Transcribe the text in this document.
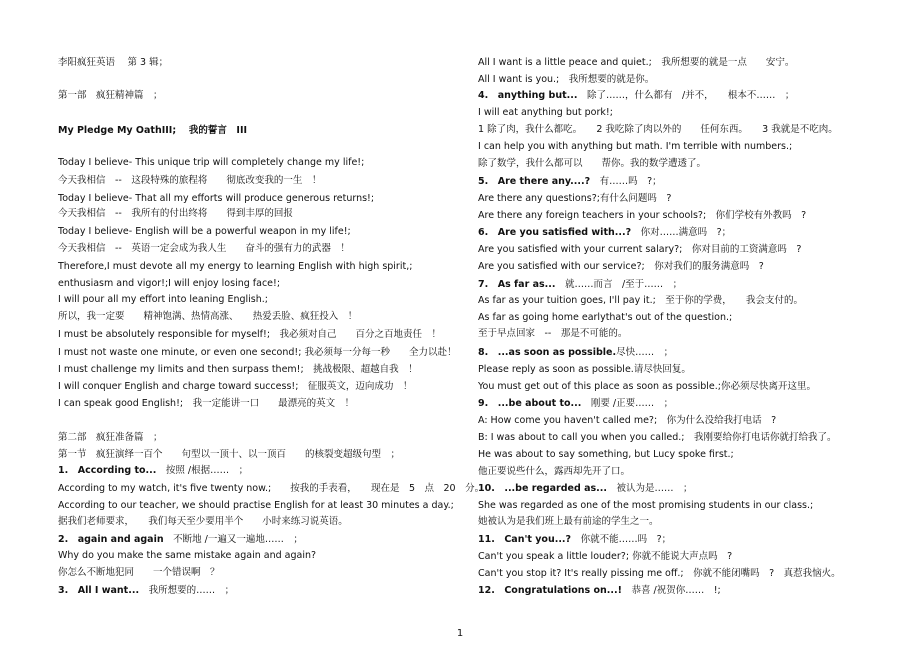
李阳疯狂英语　 第 3 辑；
第一部　疯狂精神篇　；
My Pledge My OathIII;　 我的誓言　III
Today I believe- This unique trip will completely change my life!;
今天我相信　--　这段特殊的旅程将　　彻底改变我的一生　！
Today I believe- That all my efforts will produce generous returns!;
今天我相信　--　我所有的付出终将　　得到丰厚的回报
Today I believe- English will be a powerful weapon in my life!;
今天我相信　--　英语一定会成为我人生　　奋斗的强有力的武器　！
Therefore,I must devote all my energy to learning English with high spirit,;
enthusiasm and vigor!;I will enjoy losing face!;
I will pour all my effort into leaning English.;
所以，我一定要　　精神饱满、热情高涨、　　热爱丢脸、疯狂投入　！
I must be absolutely responsible for myself!;　我必须对自己　　百分之百地责任　！
I must not waste one minute, or even one second!; 我必须每一分每一秒　　全力以赴！
I must challenge my limits and then surpass them!;　挑战极限、超越自我　！
I will conquer English and charge toward success!;　征服英文，迈向成功　！
I can speak good English!;　我一定能讲一口　　最漂亮的英文　！
第二部　疯狂准备篇　；
第一节　疯狂演绎一百个　　句型以一顶十、以一顶百　　的核裂变超级句型　；
1.　According to...　按照 /根据……　；
According to my watch, it's five twenty now.;　　按我的手表看，　　现在是　5　点　20　分。
According to our teacher, we should practise English for at least 30 minutes a day.;
据我们老师要求，　　我们每天至少要用半个　　小时来练习说英语。
2.　again and again　不断地 /一遍又一遍地……　；
Why do you make the same mistake again and again?
你怎么不断地犯同　　一个错误啊　？
3.　All I want...　我所想要的……　；
All I want is a little peace and quiet.;　我所想要的就是一点　　安宁。
All I want is you.;　我所想要的就是你。
4.　anything but...　除了……，什么都有　/并不，　　根本不……　；
I will eat anything but pork!;
1 除了肉，我什么都吃。　　2 我吃除了肉以外的　　任何东西。　　3 我就是不吃肉。
I can help you with anything but math. I'm terrible with numbers.;
除了数学，我什么都可以　　帮你。我的数学遭透了。
5.　Are there any....?　有……吗　?；
Are there any questions?;有什么问题吗　?
Are there any foreign teachers in your schools?;　你们学校有外教吗　?
6.　Are you satisfied with...?　你对……满意吗　?；
Are you satisfied with your current salary?;　你对目前的工资满意吗　?
Are you satisfied with our service?;　你对我们的服务满意吗　?
7.　As far as...　就……而言　/至于……　；
As far as your tuition goes, I'll pay it.;　至于你的学费，　　我会支付的。
As far as going home earlythat's out of the question.;
至于早点回家　--　那是不可能的。
8.　...as soon as possible.尽快……　；
Please reply as soon as possible.请尽快回复。
You must get out of this place as soon as possible.;你必须尽快离开这里。
9.　...be about to...　刚要 /正要……　；
A: How come you haven't called me?;　你为什么没给我打电话　?
B: I was about to call you when you called.;　我刚要给你打电话你就打给我了。
He was about to say something, but Lucy spoke first.;
他正要说些什么，露西却先开了口。
10.　...be regarded as...　被认为是……　；
She was regarded as one of the most promising students in our class.;
她被认为是我们班上最有前途的学生之一。
11.　Can't you...?　你就不能……吗　?；
Can't you speak a little louder?; 你就不能说大声点吗　?
Can't you stop it? It's really pissing me off.;　你就不能闭嘴吗　?　真惹我恼火。
12.　Congratulations on...!　恭喜 /祝贺你……　!;
1
